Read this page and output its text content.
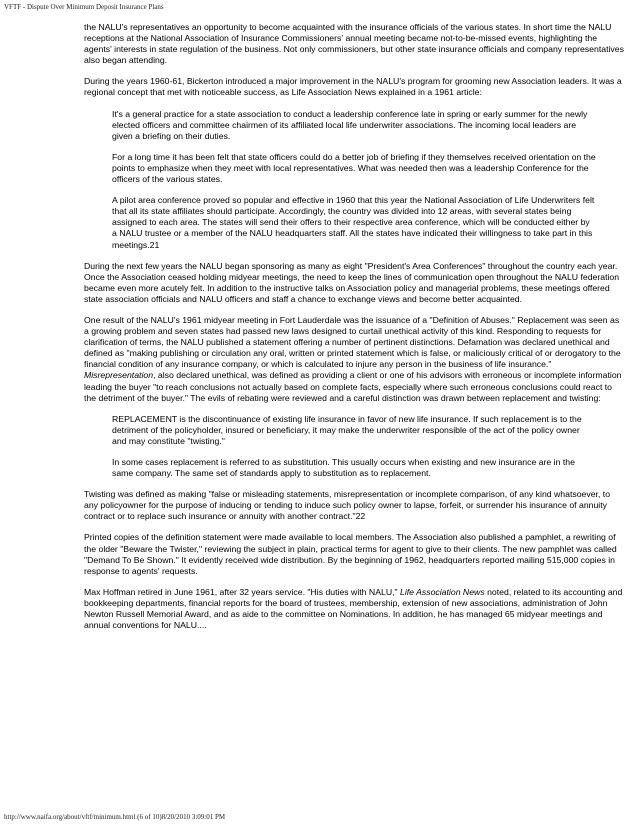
VFTF - Dispute Over Minimum Deposit Insurance Plans

the NALU's representatives an opportunity to become acquainted with the insurance officials of the various states. In short time the NALU receptions at the National Association of Insurance Commissioners' annual meeting became not-to-be-missed events, highlighting the agents' interests in state regulation of the business. Not only commissioners, but other state insurance officials and company representatives also began attending.

During the years 1960-61, Bickerton introduced a major improvement in the NALU's program for grooming new Association leaders. It was a regional concept that met with noticeable success, as Life Association News explained in a 1961 article:

It's a general practice for a state association to conduct a leadership conference late in spring or early summer for the newly elected officers and committee chairmen of its affiliated local life underwriter associations. The incoming local leaders are given a briefing on their duties.

For a long time it has been felt that state officers could do a better job of briefing if they themselves received orientation on the points to emphasize when they meet with local representatives. What was needed then was a leadership Conference for the officers of the various states.

A pilot area conference proved so popular and effective in 1960 that this year the National Association of Life Underwriters felt that all its state affiliates should participate. Accordingly, the country was divided into 12 areas, with several states being assigned to each area. The states will send their offers to their respective area conference, which will be conducted either by a NALU trustee or a member of the NALU headquarters staff. All the states have indicated their willingness to take part in this meetings.21

During the next few years the NALU began sponsoring as many as eight "President's Area Conferences" throughout the country each year. Once the Association ceased holding midyear meetings, the need to keep the lines of communication open throughout the NALU federation became even more acutely felt. In addition to the instructive talks on Association policy and managerial problems, these meetings offered state association officials and NALU officers and staff a chance to exchange views and become better acquainted.

One result of the NALU's 1961 midyear meeting in Fort Lauderdale was the issuance of a "Definition of Abuses." Replacement was seen as a growing problem and seven states had passed new laws designed to curtail unethical activity of this kind. Responding to requests for clarification of terms, the NALU published a statement offering a number of pertinent distinctions. Defamation was declared unethical and defined as "making publishing or circulation any oral, written or printed statement which is false, or maliciously critical of or derogatory to the financial condition of any insurance company, or which is calculated to injure any person in the business of life insurance."
Misrepresentation, also declared unethical, was defined as providing a client or one of his advisors with erroneous or incomplete information leading the buyer "to reach conclusions not actually based on complete facts, especially where such erroneous conclusions could react to the detriment of the buyer." The evils of rebating were reviewed and a careful distinction was drawn between replacement and twisting:

REPLACEMENT is the discontinuance of existing life insurance in favor of new life insurance. If such replacement is to the detriment of the policyholder, insured or beneficiary, it may make the underwriter responsible of the act of the policy owner and may constitute "twisting."

In some cases replacement is referred to as substitution. This usually occurs when existing and new insurance are in the same company. The same set of standards apply to substitution as to replacement.

Twisting was defined as making "false or misleading statements, misrepresentation or incomplete comparison, of any kind whatsoever, to any policyowner for the purpose of inducing or tending to induce such policy owner to lapse, forfeit, or surrender his insurance of annuity contract or to replace such insurance or annuity with another contract."22

Printed copies of the definition statement were made available to local members. The Association also published a pamphlet, a rewriting of the older "Beware the Twister," reviewing the subject in plain, practical terms for agent to give to their clients. The new pamphlet was called "Demand To Be Shown." It evidently received wide distribution. By the beginning of 1962, headquarters reported mailing 515,000 copies in response to agents' requests.

Max Hoffman retired in June 1961, after 32 years service. "His duties with NALU," Life Association News noted, related to its accounting and bookkeeping departments, financial reports for the board of trustees, membership, extension of new associations, administration of John Newton Russell Memorial Award, and as aide to the committee on Nominations. In addition, he has managed 65 midyear meetings and annual conventions for NALU....

http://www.naifa.org/about/vftf/minimum.html (6 of 10)8/20/2010 3:09:01 PM
